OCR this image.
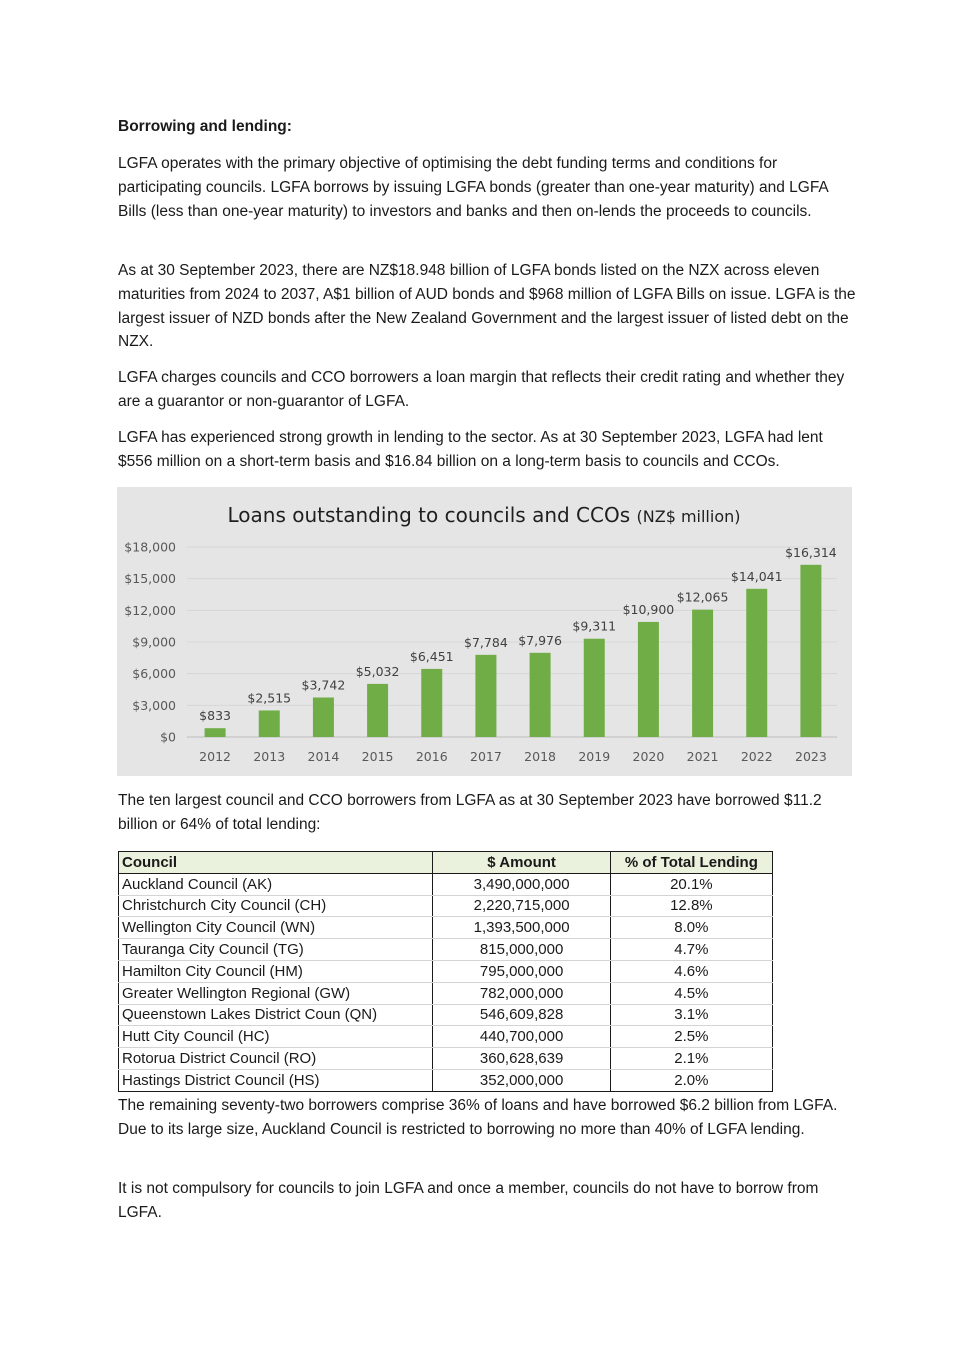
Borrowing and lending:
LGFA operates with the primary objective of optimising the debt funding terms and conditions for participating councils. LGFA borrows by issuing LGFA bonds (greater than one-year maturity) and LGFA Bills (less than one-year maturity) to investors and banks and then on-lends the proceeds to councils.
As at 30 September 2023, there are NZ$18.948 billion of LGFA bonds listed on the NZX across eleven maturities from 2024 to 2037, A$1 billion of AUD bonds and $968 million of LGFA Bills on issue. LGFA is the largest issuer of NZD bonds after the New Zealand Government and the largest issuer of listed debt on the NZX.
LGFA charges councils and CCO borrowers a loan margin that reflects their credit rating and whether they are a guarantor or non-guarantor of LGFA.
LGFA has experienced strong growth in lending to the sector. As at 30 September 2023, LGFA had lent $556 million on a short-term basis and $16.84 billion on a long-term basis to councils and CCOs.
Loans outstanding to councils and CCOs (NZ$ million)
$0
$3,000
$6,000
$9,000
$12,000
$15,000
$18,000
$833
2012
$2,515
2013
$3,742
2014
$5,032
2015
$6,451
2016
$7,784
2017
$7,976
2018
$9,311
2019
$10,900
2020
$12,065
2021
$14,041
2022
$16,314
2023
The ten largest council and CCO borrowers from LGFA as at 30 September 2023 have borrowed $11.2 billion or 64% of total lending:
Council	$ Amount	% of Total Lending
Auckland Council (AK)	3,490,000,000	20.1%
Christchurch City Council (CH)	2,220,715,000	12.8%
Wellington City Council (WN)	1,393,500,000	8.0%
Tauranga City Council (TG)	815,000,000	4.7%
Hamilton City Council (HM)	795,000,000	4.6%
Greater Wellington Regional (GW)	782,000,000	4.5%
Queenstown Lakes District Coun (QN)	546,609,828	3.1%
Hutt City Council (HC)	440,700,000	2.5%
Rotorua District Council (RO)	360,628,639	2.1%
Hastings District Council (HS)	352,000,000	2.0%
The remaining seventy-two borrowers comprise 36% of loans and have borrowed $6.2 billion from LGFA. Due to its large size, Auckland Council is restricted to borrowing no more than 40% of LGFA lending.
It is not compulsory for councils to join LGFA and once a member, councils do not have to borrow from LGFA.
